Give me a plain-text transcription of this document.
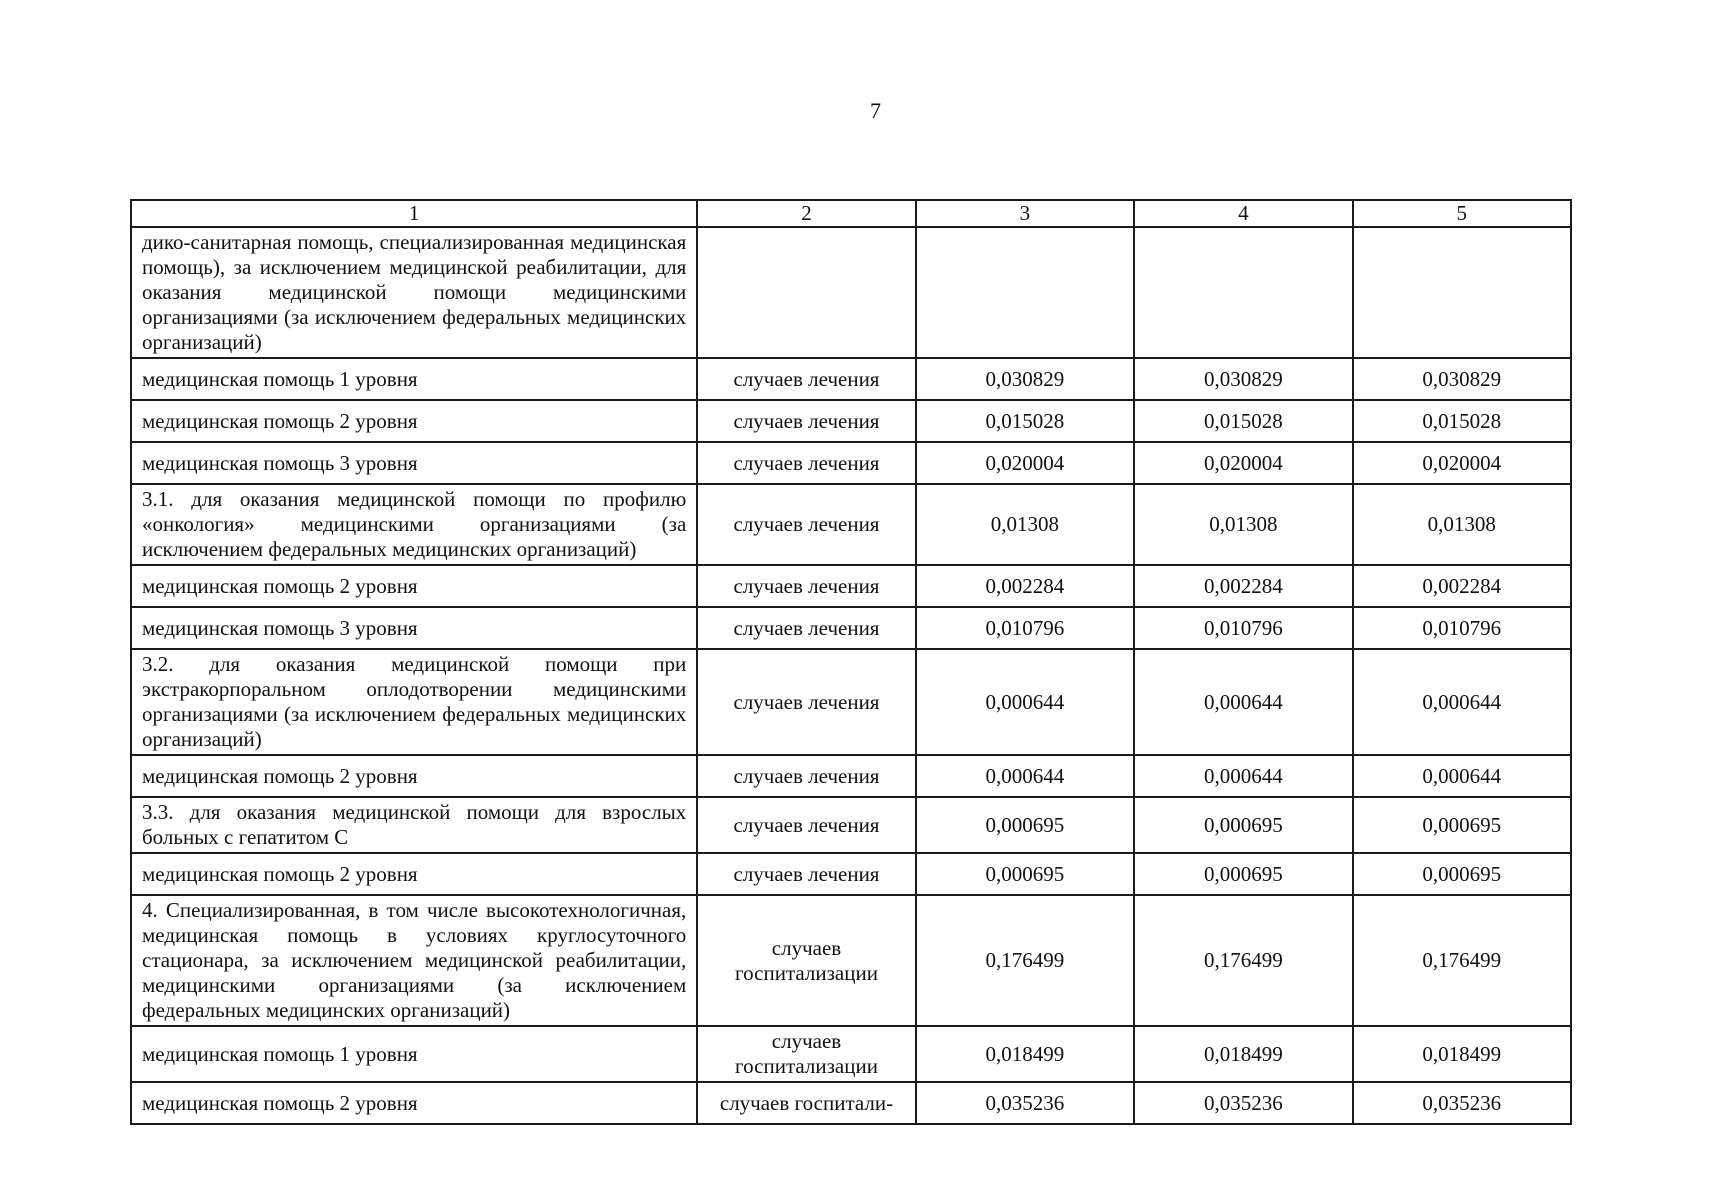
7
1	2	3	4	5
дико-санитарная помощь, специализированная медицинская помощь), за исключением медицинской реабилитации, для оказания медицинской помощи медицинскими организациями (за исключением федеральных медицинских организаций)				
медицинская помощь 1 уровня	случаев лечения	0,030829	0,030829	0,030829
медицинская помощь 2 уровня	случаев лечения	0,015028	0,015028	0,015028
медицинская помощь 3 уровня	случаев лечения	0,020004	0,020004	0,020004
3.1. для оказания медицинской помощи по профилю «онкология» медицинскими организациями (за исключением федеральных медицинских организаций)	случаев лечения	0,01308	0,01308	0,01308
медицинская помощь 2 уровня	случаев лечения	0,002284	0,002284	0,002284
медицинская помощь 3 уровня	случаев лечения	0,010796	0,010796	0,010796
3.2. для оказания медицинской помощи при экстракорпоральном оплодотворении медицинскими организациями (за исключением федеральных медицинских организаций)	случаев лечения	0,000644	0,000644	0,000644
медицинская помощь 2 уровня	случаев лечения	0,000644	0,000644	0,000644
3.3. для оказания медицинской помощи для взрослых больных с гепатитом С	случаев лечения	0,000695	0,000695	0,000695
медицинская помощь 2 уровня	случаев лечения	0,000695	0,000695	0,000695
4. Специализированная, в том числе высокотехнологичная, медицинская помощь в условиях круглосуточного стационара, за исключением медицинской реабилитации, медицинскими организациями (за исключением федеральных медицинских организаций)	случаев госпитализации	0,176499	0,176499	0,176499
медицинская помощь 1 уровня	случаев госпитализации	0,018499	0,018499	0,018499
медицинская помощь 2 уровня	случаев госпитали-	0,035236	0,035236	0,035236
